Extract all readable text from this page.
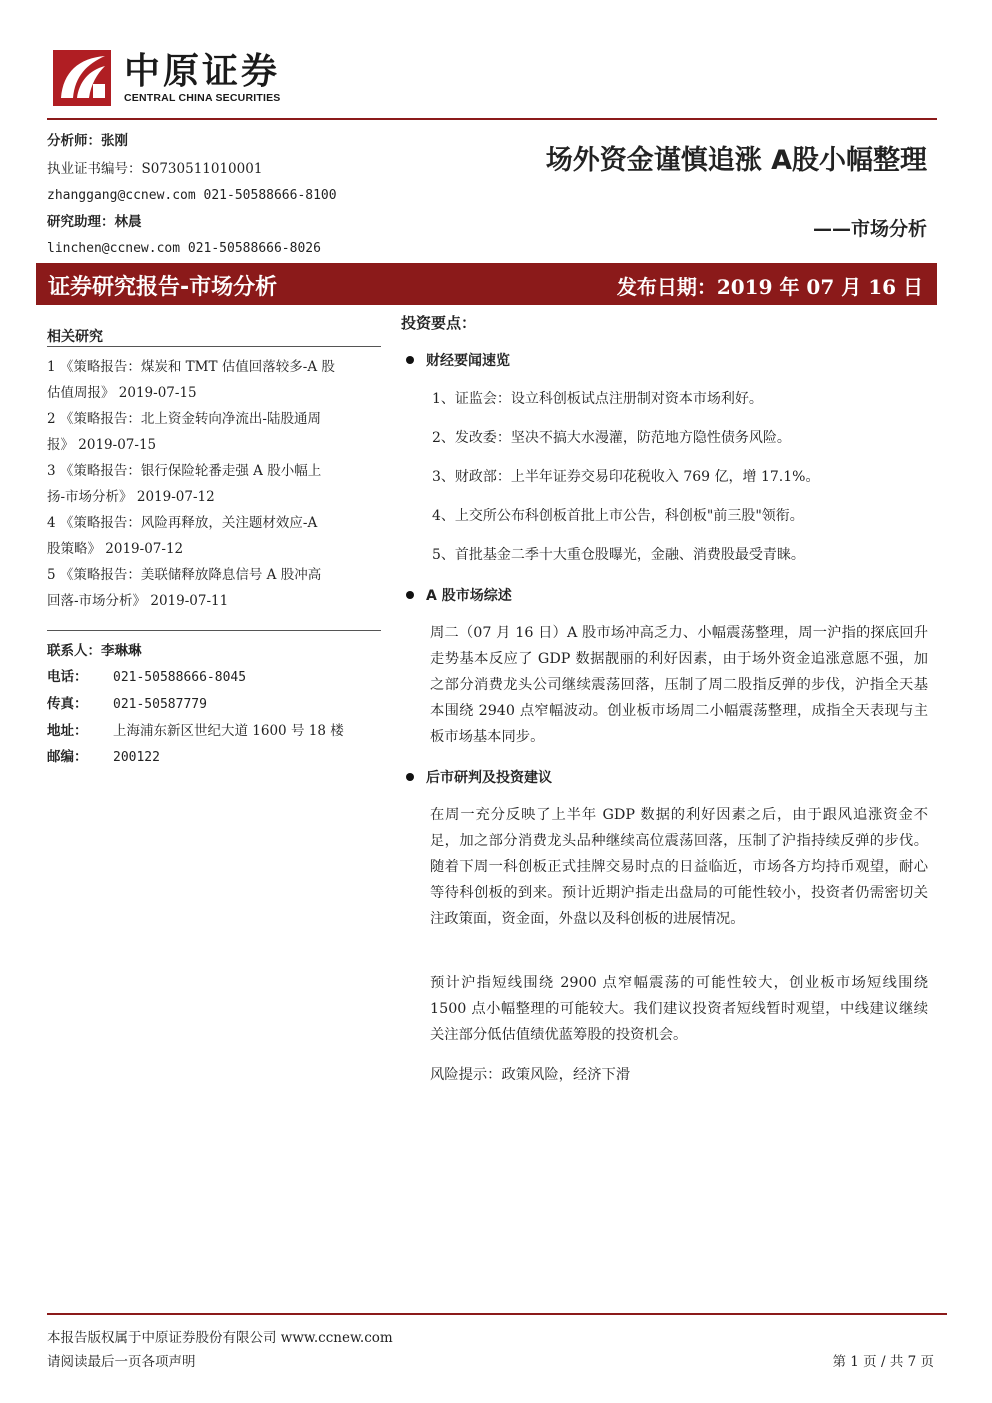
中原证券
CENTRAL CHINA SECURITIES
分析师：张刚
执业证书编号：S0730511010001
zhanggang@ccnew.com 021-50588666-8100
研究助理：林晨
linchen@ccnew.com 021-50588666-8026
场外资金谨慎追涨 A股小幅整理
——市场分析
证券研究报告-市场分析	发布日期：2019 年 07 月 16 日
相关研究
1 《策略报告：煤炭和 TMT 估值回落较多-A 股
估值周报》 2019-07-15
2 《策略报告：北上资金转向净流出-陆股通周
报》 2019-07-15
3 《策略报告：银行保险轮番走强 A 股小幅上
扬-市场分析》 2019-07-12
4 《策略报告：风险再释放，关注题材效应-A
股策略》 2019-07-12
5 《策略报告：美联储释放降息信号 A 股冲高
回落-市场分析》 2019-07-11
联系人：李琳琳
电话： 021-50588666-8045
传真： 021-50587779
地址： 上海浦东新区世纪大道 1600 号 18 楼
邮编： 200122
投资要点：
财经要闻速览
1、证监会：设立科创板试点注册制对资本市场利好。
2、发改委：坚决不搞大水漫灌，防范地方隐性债务风险。
3、财政部：上半年证券交易印花税收入 769 亿，增 17.1%。
4、上交所公布科创板首批上市公告，科创板"前三股"领衔。
5、首批基金二季十大重仓股曝光，金融、消费股最受青睐。
A 股市场综述
周二（07 月 16 日）A 股市场冲高乏力、小幅震荡整理，周一沪指的探底回升走势基本反应了 GDP 数据靓丽的利好因素，由于场外资金追涨意愿不强，加之部分消费龙头公司继续震荡回落，压制了周二股指反弹的步伐，沪指全天基本围绕 2940 点窄幅波动。创业板市场周二小幅震荡整理，成指全天表现与主板市场基本同步。
后市研判及投资建议
在周一充分反映了上半年 GDP 数据的利好因素之后，由于跟风追涨资金不足，加之部分消费龙头品种继续高位震荡回落，压制了沪指持续反弹的步伐。随着下周一科创板正式挂牌交易时点的日益临近，市场各方均持币观望，耐心等待科创板的到来。预计近期沪指走出盘局的可能性较小，投资者仍需密切关注政策面，资金面，外盘以及科创板的进展情况。
预计沪指短线围绕 2900 点窄幅震荡的可能性较大，创业板市场短线围绕 1500 点小幅整理的可能较大。我们建议投资者短线暂时观望，中线建议继续关注部分低估值绩优蓝筹股的投资机会。
风险提示：政策风险，经济下滑
本报告版权属于中原证券股份有限公司 www.ccnew.com
请阅读最后一页各项声明	第 1 页 / 共 7 页
